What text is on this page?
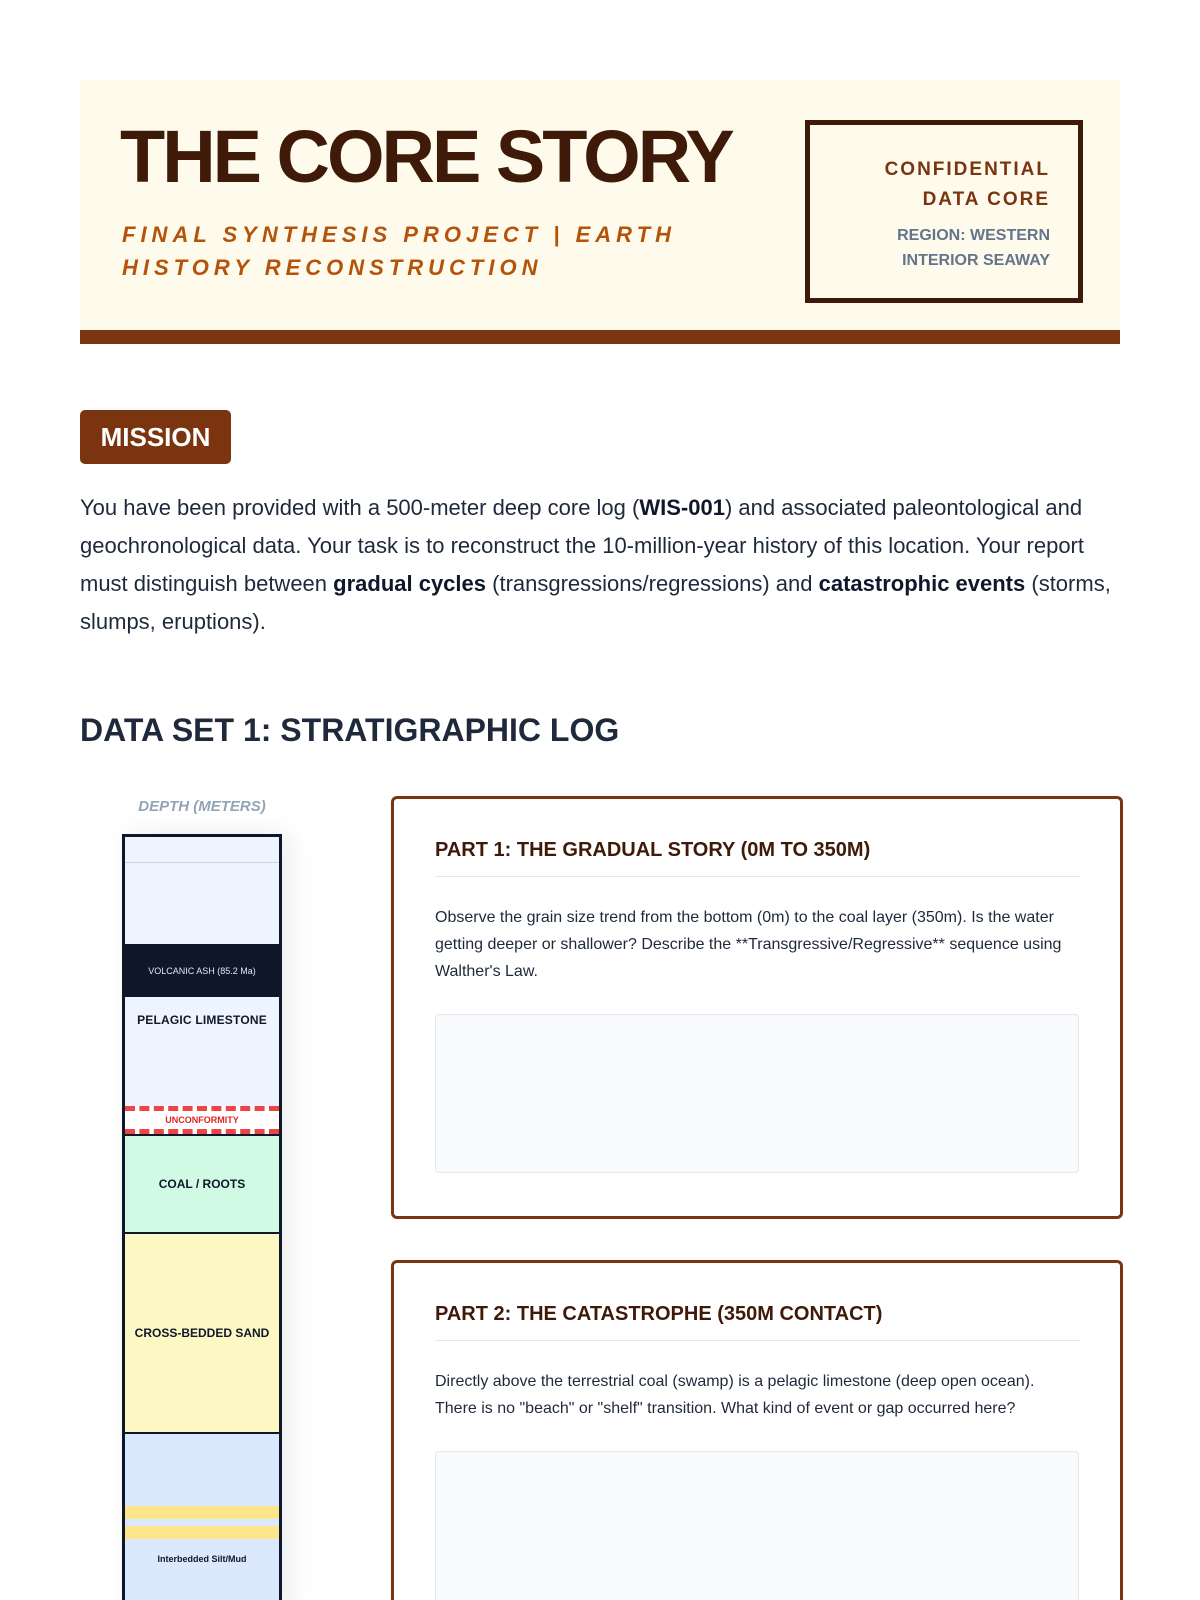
THE CORE STORY
FINAL SYNTHESIS PROJECT | EARTH HISTORY RECONSTRUCTION
CONFIDENTIAL
DATA CORE
REGION: WESTERN INTERIOR SEAWAY
MISSION

You have been provided with a 500-meter deep core log (WIS-001) and associated paleontological and geochronological data. Your task is to reconstruct the 10-million-year history of this location. Your report must distinguish between gradual cycles (transgressions/regressions) and catastrophic events (storms, slumps, eruptions).

DATA SET 1: STRATIGRAPHIC LOG
DEPTH (METERS)
VOLCANIC ASH (85.2 Ma)
PELAGIC LIMESTONE
UNCONFORMITY
COAL / ROOTS
CROSS-BEDDED SAND
Interbedded Silt/Mud
PART 1: THE GRADUAL STORY (0M TO 350M)

Observe the grain size trend from the bottom (0m) to the coal layer (350m). Is the water getting deeper or shallower? Describe the **Transgressive/Regressive** sequence using Walther's Law.

PART 2: THE CATASTROPHE (350M CONTACT)

Directly above the terrestrial coal (swamp) is a pelagic limestone (deep open ocean). There is no "beach" or "shelf" transition. What kind of event or gap occurred here?
